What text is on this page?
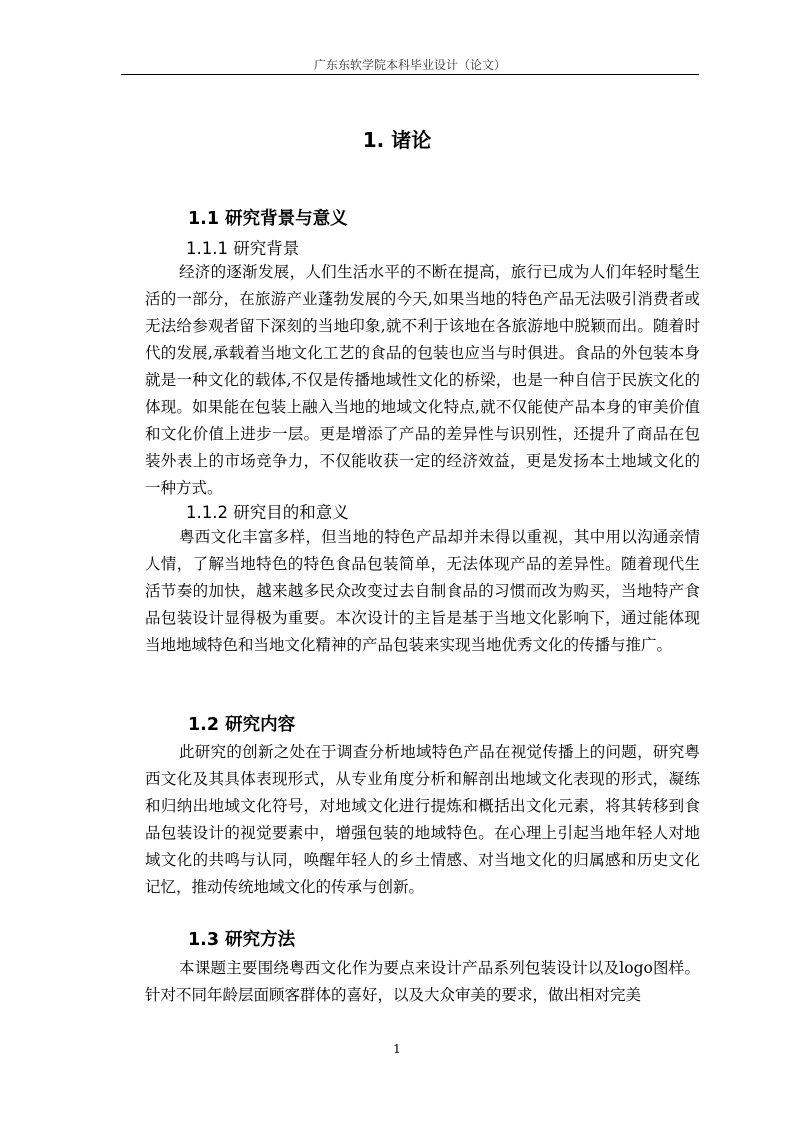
广东东软学院本科毕业设计（论文）
1. 诸论
1.1 研究背景与意义
1.1.1 研究背景

经济的逐渐发展，人们生活水平的不断在提高，旅行已成为人们年轻时髦生活的一部分，在旅游产业蓬勃发展的今天,如果当地的特色产品无法吸引消费者或无法给参观者留下深刻的当地印象,就不利于该地在各旅游地中脱颖而出。随着时代的发展,承载着当地文化工艺的食品的包装也应当与时俱进。食品的外包装本身就是一种文化的载体,不仅是传播地域性文化的桥梁，也是一种自信于民族文化的体现。如果能在包装上融入当地的地域文化特点,就不仅能使产品本身的审美价值和文化价值上进步一层。更是增添了产品的差异性与识别性，还提升了商品在包装外表上的市场竞争力，不仅能收获一定的经济效益，更是发扬本土地域文化的一种方式。

1.1.2 研究目的和意义

粤西文化丰富多样，但当地的特色产品却并未得以重视，其中用以沟通亲情人情，了解当地特色的特色食品包装简单，无法体现产品的差异性。随着现代生活节奏的加快，越来越多民众改变过去自制食品的习惯而改为购买，当地特产食品包装设计显得极为重要。本次设计的主旨是基于当地文化影响下，通过能体现当地地域特色和当地文化精神的产品包装来实现当地优秀文化的传播与推广。

1.2 研究内容

此研究的创新之处在于调查分析地域特色产品在视觉传播上的问题，研究粤西文化及其具体表现形式，从专业角度分析和解剖出地域文化表现的形式，凝练和归纳出地域文化符号，对地域文化进行提炼和概括出文化元素，将其转移到食品包装设计的视觉要素中，增强包装的地域特色。在心理上引起当地年轻人对地域文化的共鸣与认同，唤醒年轻人的乡土情感、对当地文化的归属感和历史文化记忆，推动传统地域文化的传承与创新。

1.3 研究方法

本课题主要围绕粤西文化作为要点来设计产品系列包装设计以及logo图样。针对不同年龄层面顾客群体的喜好，以及大众审美的要求，做出相对完美

1
